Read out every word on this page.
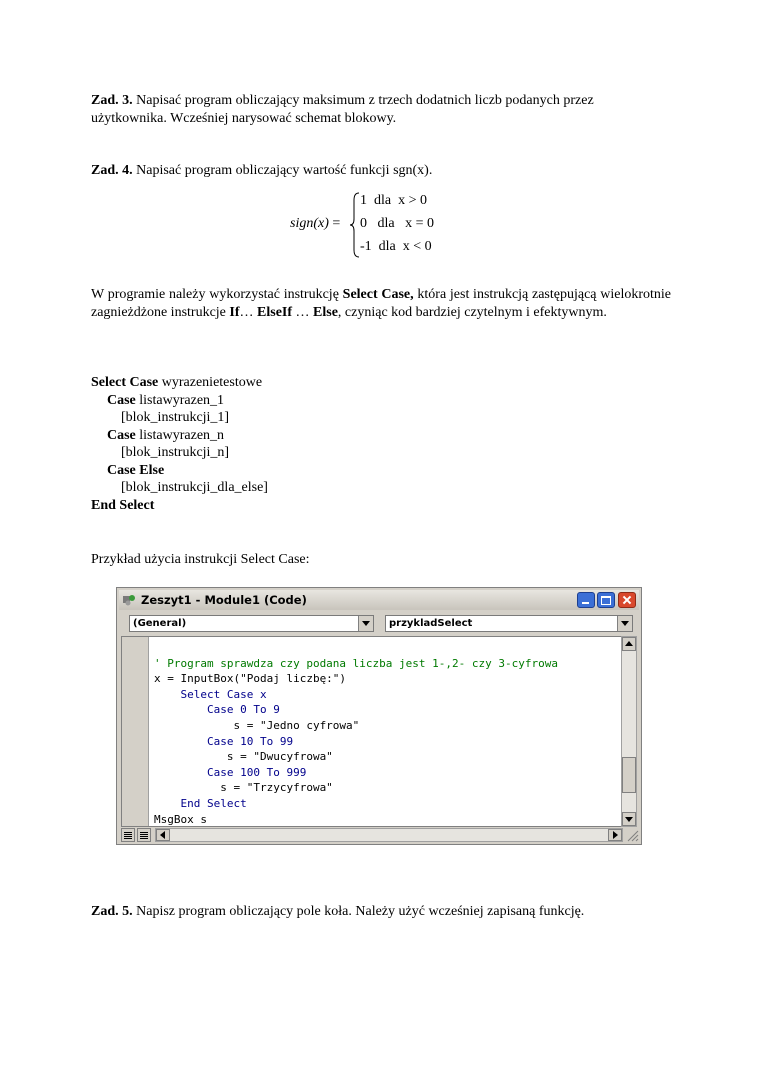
Zad. 3. Napisać program obliczający maksimum z trzech dodatnich liczb podanych przez użytkownika. Wcześniej narysować schemat blokowy.
Zad. 4. Napisać program obliczający wartość funkcji sgn(x).
sign(x) =
1  dla  x > 0
0   dla   x = 0
-1  dla  x < 0
W programie należy wykorzystać instrukcję Select Case, która jest instrukcją zastępującą wielokrotnie zagnieżdżone instrukcje If… ElseIf … Else, czyniąc kod bardziej czytelnym i efektywnym.
Select Case wyrazenietestowe
Case listawyrazen_1
[blok_instrukcji_1]
Case listawyrazen_n
[blok_instrukcji_n]
Case Else
[blok_instrukcji_dla_else]
End Select
Przykład użycia instrukcji Select Case:
Zeszyt1 - Module1 (Code)
(General)	przykladSelect

' Program sprawdza czy podana liczba jest 1-,2- czy 3-cyfrowa
x = InputBox("Podaj liczbę:")
Select Case x
Case 0 To 9
s = "Jedno cyfrowa"
Case 10 To 99
s = "Dwucyfrowa"
Case 100 To 999
s = "Trzycyfrowa"
End Select
MsgBox s
Zad. 5. Napisz program obliczający pole koła. Należy użyć wcześniej zapisaną funkcję.
